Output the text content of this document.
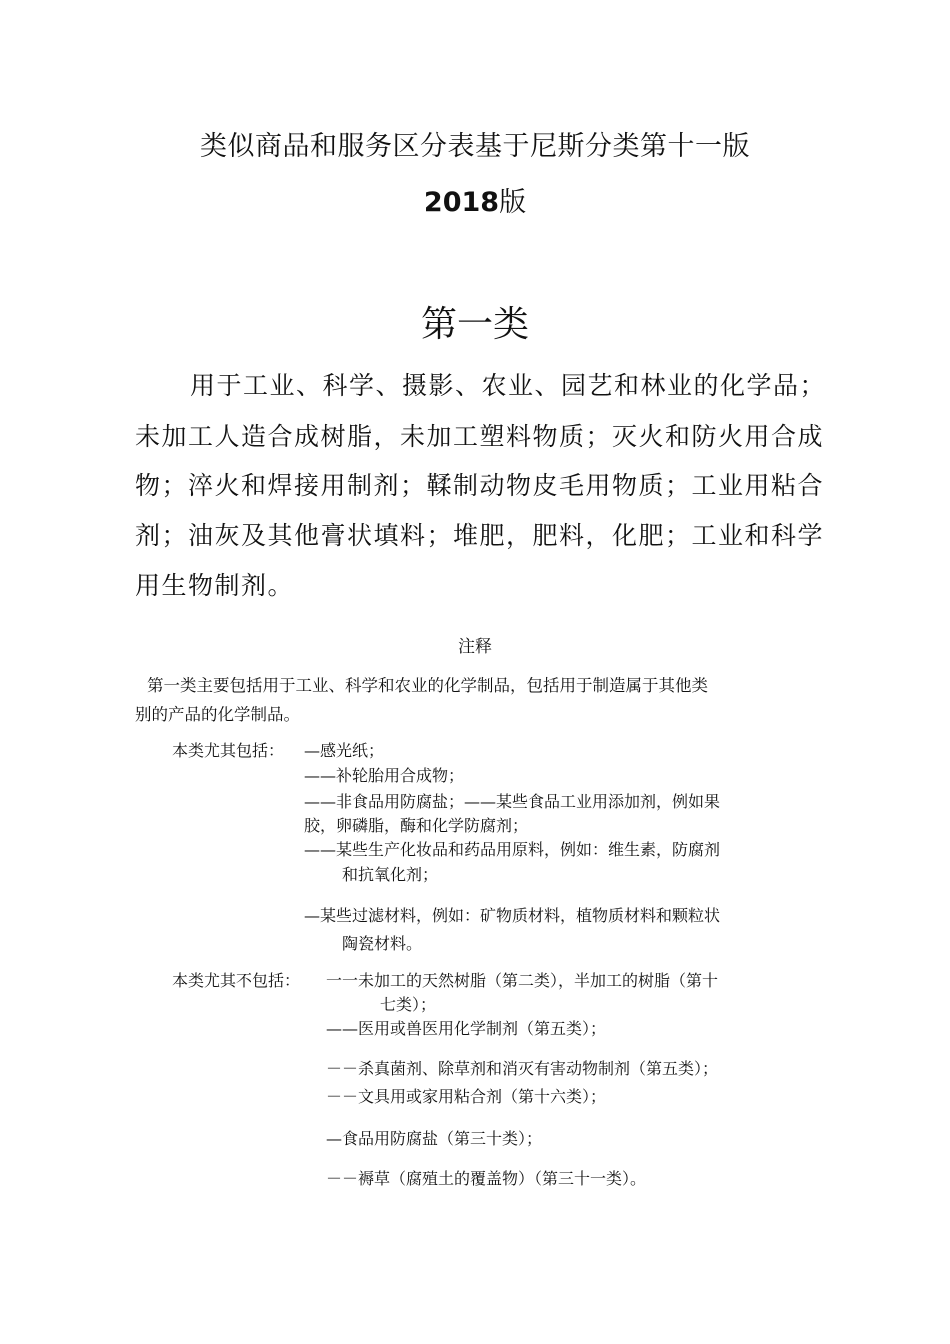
类似商品和服务区分表基于尼斯分类第十一版
2018版
第一类
用于工业、科学、摄影、农业、园艺和林业的化学品；
未加工人造合成树脂，未加工塑料物质；灭火和防火用合成
物；淬火和焊接用制剂；鞣制动物皮毛用物质；工业用粘合
剂；油灰及其他膏状填料；堆肥，肥料，化肥；工业和科学
用生物制剂。
注释
第一类主要包括用于工业、科学和农业的化学制品，包括用于制造属于其他类
别的产品的化学制品。
本类尤其包括： —感光纸；
——补轮胎用合成物；
——非食品用防腐盐；——某些食品工业用添加剂，例如果
胶，卵磷脂，酶和化学防腐剂；
——某些生产化妆品和药品用原料，例如：维生素，防腐剂
和抗氧化剂；
—某些过滤材料，例如：矿物质材料，植物质材料和颗粒状
陶瓷材料。
本类尤其不包括： 一一未加工的天然树脂（第二类），半加工的树脂（第十
七类）；
——医用或兽医用化学制剂（第五类）；
－－杀真菌剂、除草剂和消灭有害动物制剂（第五类）；
－－文具用或家用粘合剂（第十六类）；
—食品用防腐盐（第三十类）；
－－褥草（腐殖土的覆盖物）（第三十一类）。
